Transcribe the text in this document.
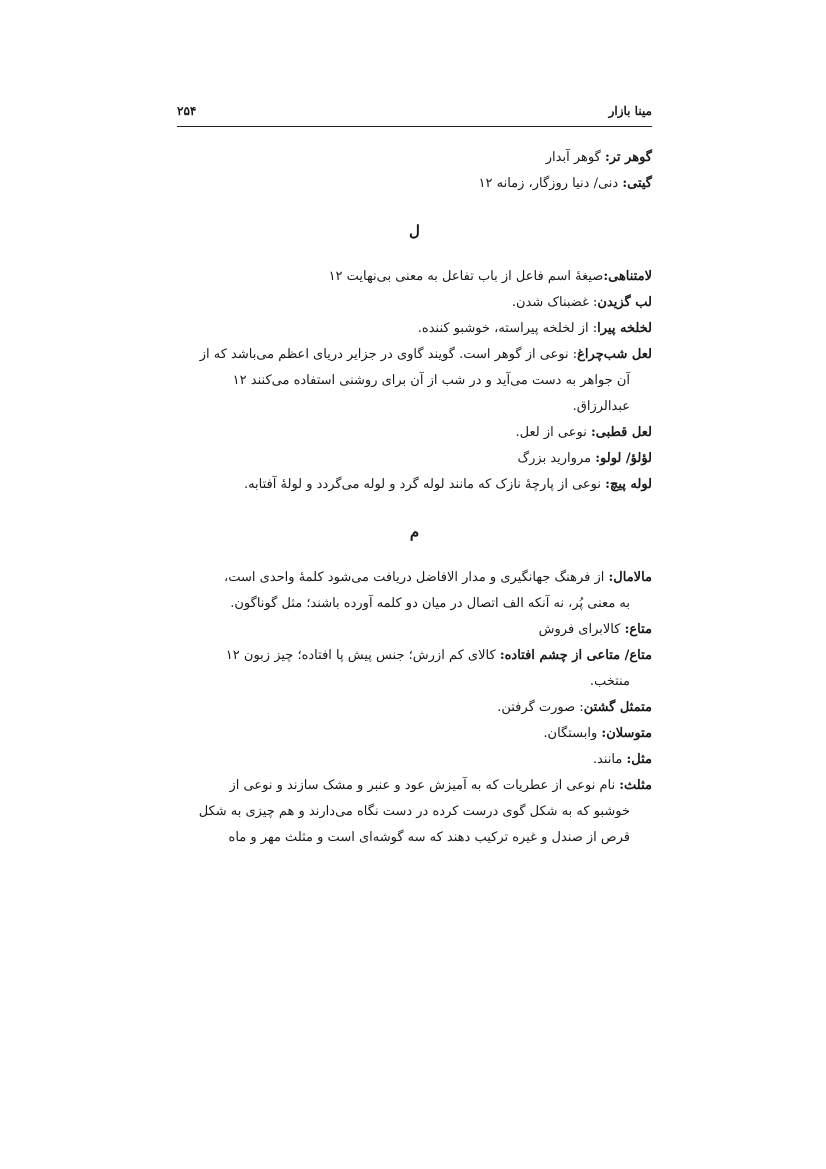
مینا بازار
۲۵۴

گوهر تر: گوهر آبدار

گیتی: دنی/ دنیا روزگار، زمانه ۱۲

ل

لامتناهی:صیغهٔ اسم فاعل از باب تفاعل به معنی بی‌نهایت ۱۲

لب گزیدن: غضبناک شدن.

لخلخه پیرا: از لخلخه پیراسته، خوشبو کننده.

لعل شب‌چراغ: نوعی از گوهر است. گویند گاوی در جزایر دریای اعظم می‌باشد که از
آن جواهر به دست می‌آید و در شب از آن برای روشنی استفاده می‌کنند ۱۲
عبدالرزاق.

لعل قطبی: نوعی از لعل.

لؤلؤ/ لولو: مروارید بزرگ

لوله پیچ: نوعی از پارچهٔ نازک که مانند لوله گرد و لوله می‌گردد و لولهٔ آفتابه.

م

مالامال: از فرهنگ جهانگیری و مدار الافاضل دریافت می‌شود کلمهٔ واحدی است،
به معنی پُر، نه آنکه الف اتصال در میان دو کلمه آورده باشند؛ مثل گوناگون.

متاع: کالابرای فروش

متاع/ متاعی از چشم افتاده: کالای کم ازرش؛ جنس پیش پا افتاده؛ چیز زبون ۱۲
منتخب.

متمثل گشتن: صورت گرفتن.

متوسلان: وابستگان.

مثل: مانند.

مثلث: نام نوعی از عطریات که به آمیزش عود و عنبر و مشک سازند و نوعی از
خوشبو که به شکل گوی درست کرده در دست نگاه می‌دارند و هم چیزی به شکل
قرص از صندل و غیره ترکیب دهند که سه گوشه‌ای است و مثلث مهر و ماه
